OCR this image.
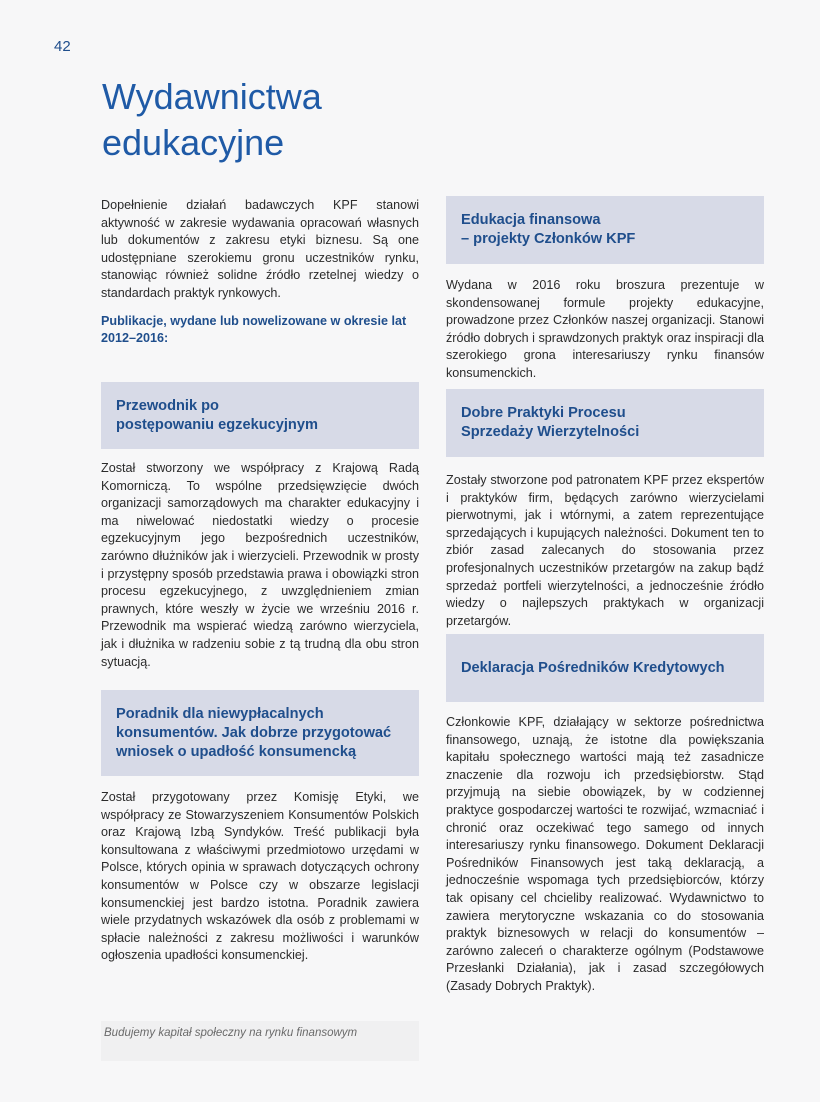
42
Wydawnictwa
edukacyjne

Dopełnienie działań badawczych KPF stanowi aktywność w zakresie wydawania opracowań własnych lub dokumentów z zakresu etyki biznesu. Są one udostępniane szerokiemu gronu uczestników rynku, stanowiąc również solidne źródło rzetelnej wiedzy o standardach praktyk rynkowych.

Publikacje, wydane lub nowelizowane w okresie lat 2012–2016:

Przewodnik po
postępowaniu egzekucyjnym

Został stworzony we współpracy z Krajową Radą Komorniczą. To wspólne przedsięwzięcie dwóch organizacji samorządowych ma charakter edukacyjny i ma niwelować niedostatki wiedzy o procesie egzekucyjnym jego bezpośrednich uczestników, zarówno dłużników jak i wierzycieli. Przewodnik w prosty i przystępny sposób przedstawia prawa i obowiązki stron procesu egzekucyjnego, z uwzględnieniem zmian prawnych, które weszły w życie we wrześniu 2016 r. Przewodnik ma wspierać wiedzą zarówno wierzyciela, jak i dłużnika w radzeniu sobie z tą trudną dla obu stron sytuacją.

Poradnik dla niewypłacalnych
konsumentów. Jak dobrze przygotować
wniosek o upadłość konsumencką

Został przygotowany przez Komisję Etyki, we współpracy ze Stowarzyszeniem Konsumentów Polskich oraz Krajową Izbą Syndyków. Treść publikacji była konsultowana z właściwymi przedmiotowo urzędami w Polsce, których opinia w sprawach dotyczących ochrony konsumentów w Polsce czy w obszarze legislacji konsumenckiej jest bardzo istotna. Poradnik zawiera wiele przydatnych wskazówek dla osób z problemami w spłacie należności z zakresu możliwości i warunków ogłoszenia upadłości konsumenckiej.

Edukacja finansowa
– projekty Członków KPF

Wydana w 2016 roku broszura prezentuje w skondensowanej formule projekty edukacyjne, prowadzone przez Członków naszej organizacji. Stanowi źródło dobrych i sprawdzonych praktyk oraz inspiracji dla szerokiego grona interesariuszy rynku finansów konsumenckich.

Dobre Praktyki Procesu
Sprzedaży Wierzytelności

Zostały stworzone pod patronatem KPF przez ekspertów i praktyków firm, będących zarówno wierzycielami pierwotnymi, jak i wtórnymi, a zatem reprezentujące sprzedających i kupujących należności. Dokument ten to zbiór zasad zalecanych do stosowania przez profesjonalnych uczestników przetargów na zakup bądź sprzedaż portfeli wierzytelności, a jednocześnie źródło wiedzy o najlepszych praktykach w organizacji przetargów.

Deklaracja Pośredników Kredytowych

Członkowie KPF, działający w sektorze pośrednictwa finansowego, uznają, że istotne dla powiększania kapitału społecznego wartości mają też zasadnicze znaczenie dla rozwoju ich przedsiębiorstw. Stąd przyjmują na siebie obowiązek, by w codziennej praktyce gospodarczej wartości te rozwijać, wzmacniać i chronić oraz oczekiwać tego samego od innych interesariuszy rynku finansowego. Dokument Deklaracji Pośredników Finansowych jest taką deklaracją, a jednocześnie wspomaga tych przedsiębiorców, którzy tak opisany cel chcieliby realizować. Wydawnictwo to zawiera merytoryczne wskazania co do stosowania praktyk biznesowych w relacji do konsumentów – zarówno zaleceń o charakterze ogólnym (Podstawowe Przesłanki Działania), jak i zasad szczegółowych (Zasady Dobrych Praktyk).

Budujemy kapitał społeczny na rynku finansowym
